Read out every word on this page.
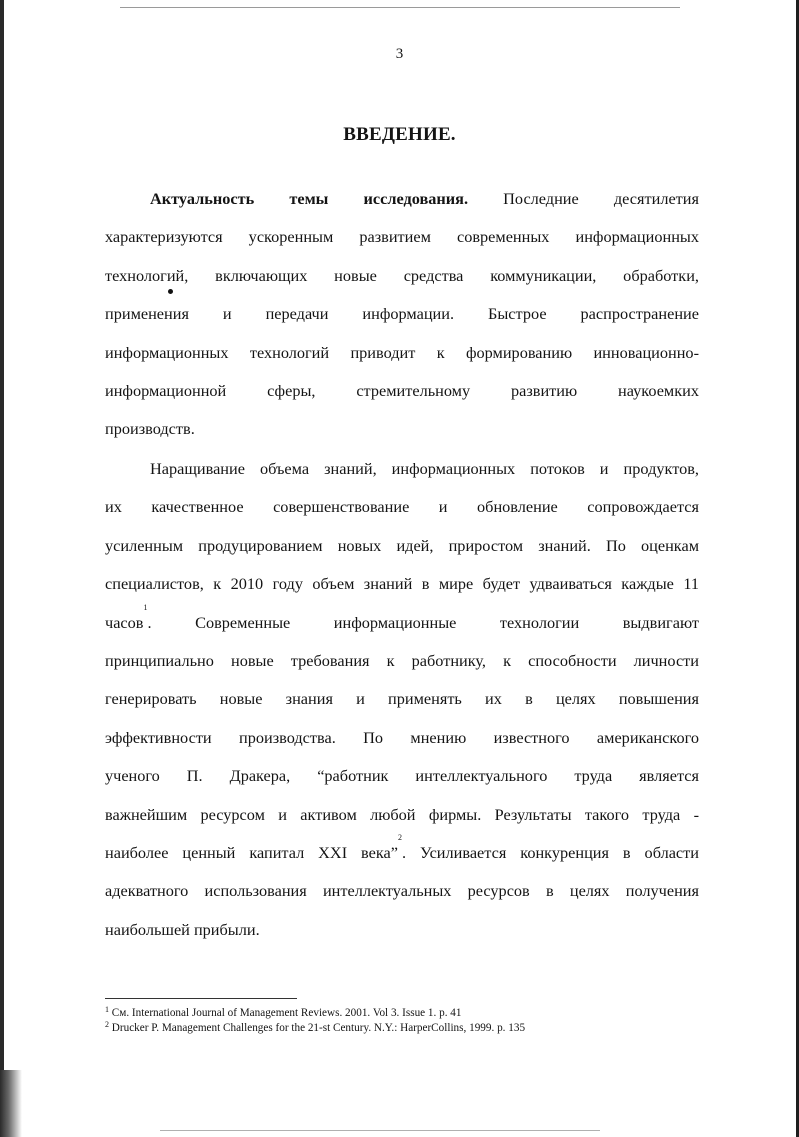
3
ВВЕДЕНИЕ.
Актуальность темы исследования. Последние десятилетия
характеризуются ускоренным развитием современных информационных
технологий, включающих новые средства коммуникации, обработки,
применения и передачи информации. Быстрое распространение
информационных технологий приводит к формированию инновационно-
информационной сферы, стремительному развитию наукоемких
производств.
Наращивание объема знаний, информационных потоков и продуктов,
их качественное совершенствование и обновление сопровождается
усиленным продуцированием новых идей, приростом знаний. По оценкам
специалистов, к 2010 году объем знаний в мире будет удваиваться каждые 11
часов$^1$. Современные информационные технологии выдвигают
принципиально новые требования к работнику, к способности личности
генерировать новые знания и применять их в целях повышения
эффективности производства. По мнению известного американского
ученого П. Дракера, “работник интеллектуального труда является
важнейшим ресурсом и активом любой фирмы. Результаты такого труда -
наиболее ценный капитал XXI века”$^2$. Усиливается конкуренция в области
адекватного использования интеллектуальных ресурсов в целях получения
наибольшей прибыли.
$^1$ См. International Journal of Management Reviews. 2001. Vol 3. Issue 1. p. 41
$^2$ Drucker P. Management Challenges for the 21-st Century. N.Y.: HarperCollins, 1999. p. 135
